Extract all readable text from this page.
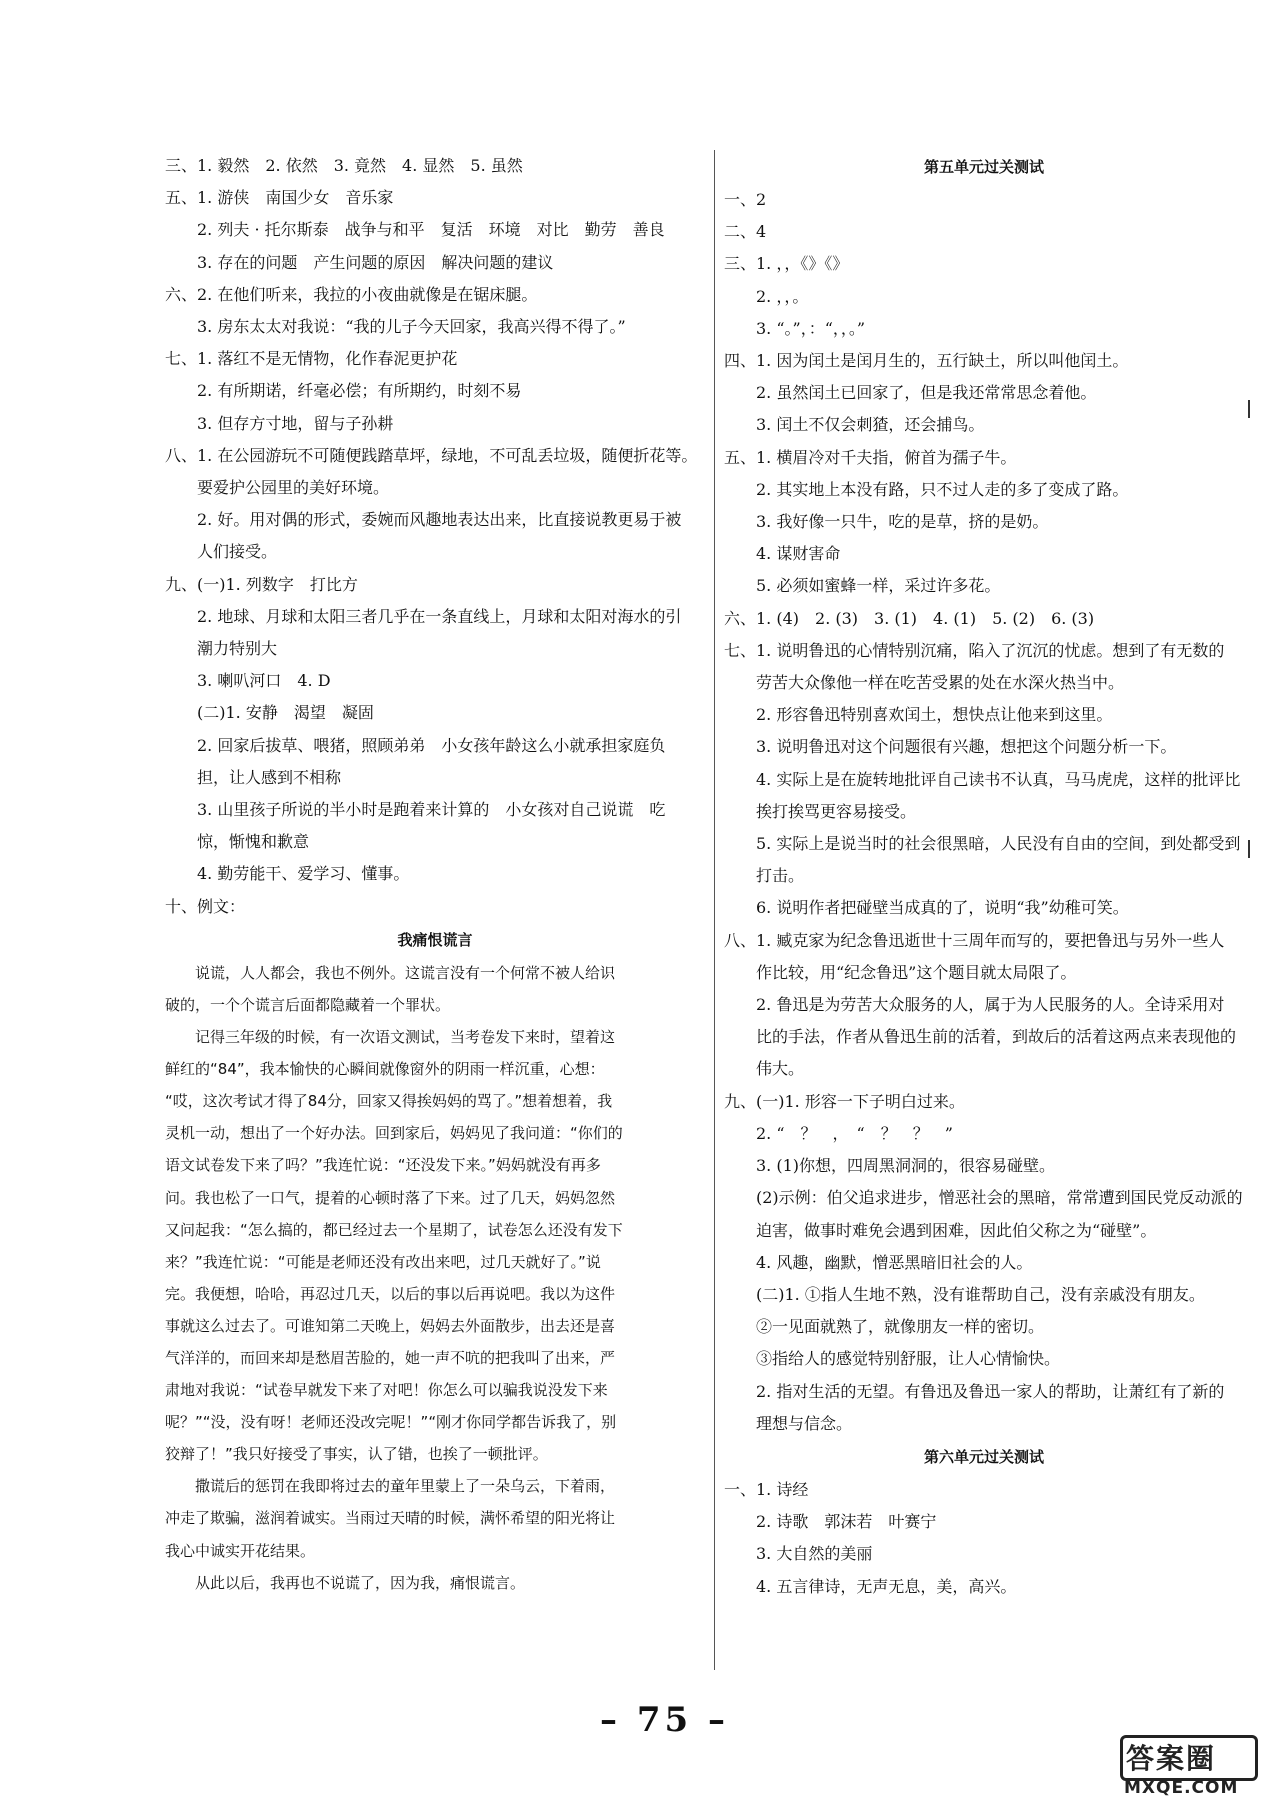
三、1. 毅然　2. 依然　3. 竟然　4. 显然　5. 虽然
五、1. 游侠　南国少女　音乐家
2. 列夫 · 托尔斯泰　战争与和平　复活　环境　对比　勤劳　善良
3. 存在的问题　产生问题的原因　解决问题的建议
六、2. 在他们听来，我拉的小夜曲就像是在锯床腿。
3. 房东太太对我说：“我的儿子今天回家，我高兴得不得了。”
七、1. 落红不是无情物，化作春泥更护花
2. 有所期诺，纤毫必偿；有所期约，时刻不易
3. 但存方寸地，留与子孙耕
八、1. 在公园游玩不可随便践踏草坪，绿地，不可乱丢垃圾，随便折花等。
要爱护公园里的美好环境。
2. 好。用对偶的形式，委婉而风趣地表达出来，比直接说教更易于被
人们接受。
九、(一)1. 列数字　打比方
2. 地球、月球和太阳三者几乎在一条直线上，月球和太阳对海水的引
潮力特别大
3. 喇叭河口　4. D
(二)1. 安静　渴望　凝固
2. 回家后拔草、喂猪，照顾弟弟　小女孩年龄这么小就承担家庭负
担，让人感到不相称
3. 山里孩子所说的半小时是跑着来计算的　小女孩对自己说谎　吃
惊，惭愧和歉意
4. 勤劳能干、爱学习、懂事。
十、例文：
我痛恨谎言
说谎，人人都会，我也不例外。这谎言没有一个何常不被人给识
破的，一个个谎言后面都隐藏着一个罪状。
记得三年级的时候，有一次语文测试，当考卷发下来时，望着这
鲜红的“84”，我本愉快的心瞬间就像窗外的阴雨一样沉重，心想：
“哎，这次考试才得了84分，回家又得挨妈妈的骂了。”想着想着，我
灵机一动，想出了一个好办法。回到家后，妈妈见了我问道：“你们的
语文试卷发下来了吗？”我连忙说：“还没发下来。”妈妈就没有再多
问。我也松了一口气，提着的心顿时落了下来。过了几天，妈妈忽然
又问起我：“怎么搞的，都已经过去一个星期了，试卷怎么还没有发下
来？”我连忙说：“可能是老师还没有改出来吧，过几天就好了。”说
完。我便想，哈哈，再忍过几天，以后的事以后再说吧。我以为这件
事就这么过去了。可谁知第二天晚上，妈妈去外面散步，出去还是喜
气洋洋的，而回来却是愁眉苦脸的，她一声不吭的把我叫了出来，严
肃地对我说：“试卷早就发下来了对吧！你怎么可以骗我说没发下来
呢？”“没，没有呀！老师还没改完呢！”“刚才你同学都告诉我了，别
狡辩了！”我只好接受了事实，认了错，也挨了一顿批评。
撒谎后的惩罚在我即将过去的童年里蒙上了一朵乌云，下着雨，
冲走了欺骗，滋润着诚实。当雨过天晴的时候，满怀希望的阳光将让
我心中诚实开花结果。
从此以后，我再也不说谎了，因为我，痛恨谎言。
第五单元过关测试
一、2
二、4
三、1. ，，《》《》
2. ，，。
3. “。”，：“，，。”
四、1. 因为闰土是闰月生的，五行缺土，所以叫他闰土。
2. 虽然闰土已回家了，但是我还常常思念着他。
3. 闰土不仅会刺猹，还会捕鸟。
五、1. 横眉冷对千夫指，俯首为孺子牛。
2. 其实地上本没有路，只不过人走的多了变成了路。
3. 我好像一只牛，吃的是草，挤的是奶。
4. 谋财害命
5. 必须如蜜蜂一样，采过许多花。
六、1. (4)　2. (3)　3. (1)　4. (1)　5. (2)　6. (3)
七、1. 说明鲁迅的心情特别沉痛，陷入了沉沉的忧虑。想到了有无数的
劳苦大众像他一样在吃苦受累的处在水深火热当中。
2. 形容鲁迅特别喜欢闰土，想快点让他来到这里。
3. 说明鲁迅对这个问题很有兴趣，想把这个问题分析一下。
4. 实际上是在旋转地批评自己读书不认真，马马虎虎，这样的批评比
挨打挨骂更容易接受。
5. 实际上是说当时的社会很黑暗，人民没有自由的空间，到处都受到
打击。
6. 说明作者把碰壁当成真的了，说明“我”幼稚可笑。
八、1. 臧克家为纪念鲁迅逝世十三周年而写的，要把鲁迅与另外一些人
作比较，用“纪念鲁迅”这个题目就太局限了。
2. 鲁迅是为劳苦大众服务的人，属于为人民服务的人。全诗采用对
比的手法，作者从鲁迅生前的活着，到故后的活着这两点来表现他的
伟大。
九、(一)1. 形容一下子明白过来。
2. “　？　，　“　？　？　”
3. (1)你想，四周黑洞洞的，很容易碰壁。
(2)示例：伯父追求进步，憎恶社会的黑暗，常常遭到国民党反动派的
迫害，做事时难免会遇到困难，因此伯父称之为“碰壁”。
4. 风趣，幽默，憎恶黑暗旧社会的人。
(二)1. ①指人生地不熟，没有谁帮助自己，没有亲戚没有朋友。
②一见面就熟了，就像朋友一样的密切。
③指给人的感觉特别舒服，让人心情愉快。
2. 指对生活的无望。有鲁迅及鲁迅一家人的帮助，让萧红有了新的
理想与信念。
第六单元过关测试
一、1. 诗经
2. 诗歌　郭沫若　叶赛宁
3. 大自然的美丽
4. 五言律诗，无声无息，美，高兴。
– 75 –
答案圈
MXQE.COM
